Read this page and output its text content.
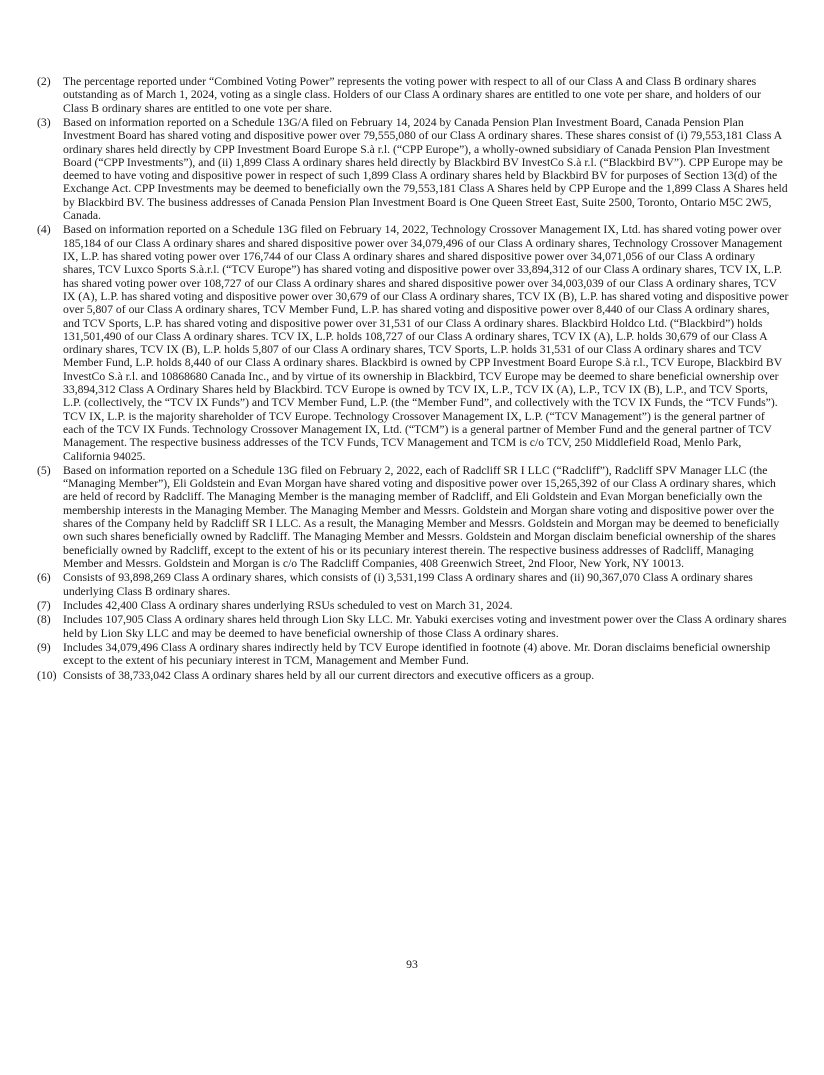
(2)	The percentage reported under “Combined Voting Power” represents the voting power with respect to all of our Class A and Class B ordinary shares outstanding as of March 1, 2024, voting as a single class. Holders of our Class A ordinary shares are entitled to one vote per share, and holders of our Class B ordinary shares are entitled to one vote per share.
(3)	Based on information reported on a Schedule 13G/A filed on February 14, 2024 by Canada Pension Plan Investment Board, Canada Pension Plan Investment Board has shared voting and dispositive power over 79,555,080 of our Class A ordinary shares. These shares consist of (i) 79,553,181 Class A ordinary shares held directly by CPP Investment Board Europe S.à r.l. (“CPP Europe”), a wholly-owned subsidiary of Canada Pension Plan Investment Board (“CPP Investments”), and (ii) 1,899 Class A ordinary shares held directly by Blackbird BV InvestCo S.à r.l. (“Blackbird BV”). CPP Europe may be deemed to have voting and dispositive power in respect of such 1,899 Class A ordinary shares held by Blackbird BV for purposes of Section 13(d) of the Exchange Act. CPP Investments may be deemed to beneficially own the 79,553,181 Class A Shares held by CPP Europe and the 1,899 Class A Shares held by Blackbird BV. The business addresses of Canada Pension Plan Investment Board is One Queen Street East, Suite 2500, Toronto, Ontario M5C 2W5, Canada.
(4)	Based on information reported on a Schedule 13G filed on February 14, 2022, Technology Crossover Management IX, Ltd. has shared voting power over 185,184 of our Class A ordinary shares and shared dispositive power over 34,079,496 of our Class A ordinary shares, Technology Crossover Management IX, L.P. has shared voting power over 176,744 of our Class A ordinary shares and shared dispositive power over 34,071,056 of our Class A ordinary shares, TCV Luxco Sports S.à.r.l. (“TCV Europe”) has shared voting and dispositive power over 33,894,312 of our Class A ordinary shares, TCV IX, L.P. has shared voting power over 108,727 of our Class A ordinary shares and shared dispositive power over 34,003,039 of our Class A ordinary shares, TCV IX (A), L.P. has shared voting and dispositive power over 30,679 of our Class A ordinary shares, TCV IX (B), L.P. has shared voting and dispositive power over 5,807 of our Class A ordinary shares, TCV Member Fund, L.P. has shared voting and dispositive power over 8,440 of our Class A ordinary shares, and TCV Sports, L.P. has shared voting and dispositive power over 31,531 of our Class A ordinary shares. Blackbird Holdco Ltd. (“Blackbird”) holds 131,501,490 of our Class A ordinary shares. TCV IX, L.P. holds 108,727 of our Class A ordinary shares, TCV IX (A), L.P. holds 30,679 of our Class A ordinary shares, TCV IX (B), L.P. holds 5,807 of our Class A ordinary shares, TCV Sports, L.P. holds 31,531 of our Class A ordinary shares and TCV Member Fund, L.P. holds 8,440 of our Class A ordinary shares. Blackbird is owned by CPP Investment Board Europe S.à r.l., TCV Europe, Blackbird BV InvestCo S.à r.l. and 10868680 Canada Inc., and by virtue of its ownership in Blackbird, TCV Europe may be deemed to share beneficial ownership over 33,894,312 Class A Ordinary Shares held by Blackbird. TCV Europe is owned by TCV IX, L.P., TCV IX (A), L.P., TCV IX (B), L.P., and TCV Sports, L.P. (collectively, the “TCV IX Funds”) and TCV Member Fund, L.P. (the “Member Fund”, and collectively with the TCV IX Funds, the “TCV Funds”). TCV IX, L.P. is the majority shareholder of TCV Europe. Technology Crossover Management IX, L.P. (“TCV Management”) is the general partner of each of the TCV IX Funds. Technology Crossover Management IX, Ltd. (“TCM”) is a general partner of Member Fund and the general partner of TCV Management. The respective business addresses of the TCV Funds, TCV Management and TCM is c/o TCV, 250 Middlefield Road, Menlo Park, California 94025.
(5)	Based on information reported on a Schedule 13G filed on February 2, 2022, each of Radcliff SR I LLC (“Radcliff”), Radcliff SPV Manager LLC (the “Managing Member”), Eli Goldstein and Evan Morgan have shared voting and dispositive power over 15,265,392 of our Class A ordinary shares, which are held of record by Radcliff. The Managing Member is the managing member of Radcliff, and Eli Goldstein and Evan Morgan beneficially own the membership interests in the Managing Member. The Managing Member and Messrs. Goldstein and Morgan share voting and dispositive power over the shares of the Company held by Radcliff SR I LLC. As a result, the Managing Member and Messrs. Goldstein and Morgan may be deemed to beneficially own such shares beneficially owned by Radcliff. The Managing Member and Messrs. Goldstein and Morgan disclaim beneficial ownership of the shares beneficially owned by Radcliff, except to the extent of his or its pecuniary interest therein. The respective business addresses of Radcliff, Managing Member and Messrs. Goldstein and Morgan is c/o The Radcliff Companies, 408 Greenwich Street, 2nd Floor, New York, NY 10013.
(6)	Consists of 93,898,269 Class A ordinary shares, which consists of (i) 3,531,199 Class A ordinary shares and (ii) 90,367,070 Class A ordinary shares underlying Class B ordinary shares.
(7)	Includes 42,400 Class A ordinary shares underlying RSUs scheduled to vest on March 31, 2024.
(8)	Includes 107,905 Class A ordinary shares held through Lion Sky LLC. Mr. Yabuki exercises voting and investment power over the Class A ordinary shares held by Lion Sky LLC and may be deemed to have beneficial ownership of those Class A ordinary shares.
(9)	Includes 34,079,496 Class A ordinary shares indirectly held by TCV Europe identified in footnote (4) above. Mr. Doran disclaims beneficial ownership except to the extent of his pecuniary interest in TCM, Management and Member Fund.
(10) Consists of 38,733,042 Class A ordinary shares held by all our current directors and executive officers as a group.
93
